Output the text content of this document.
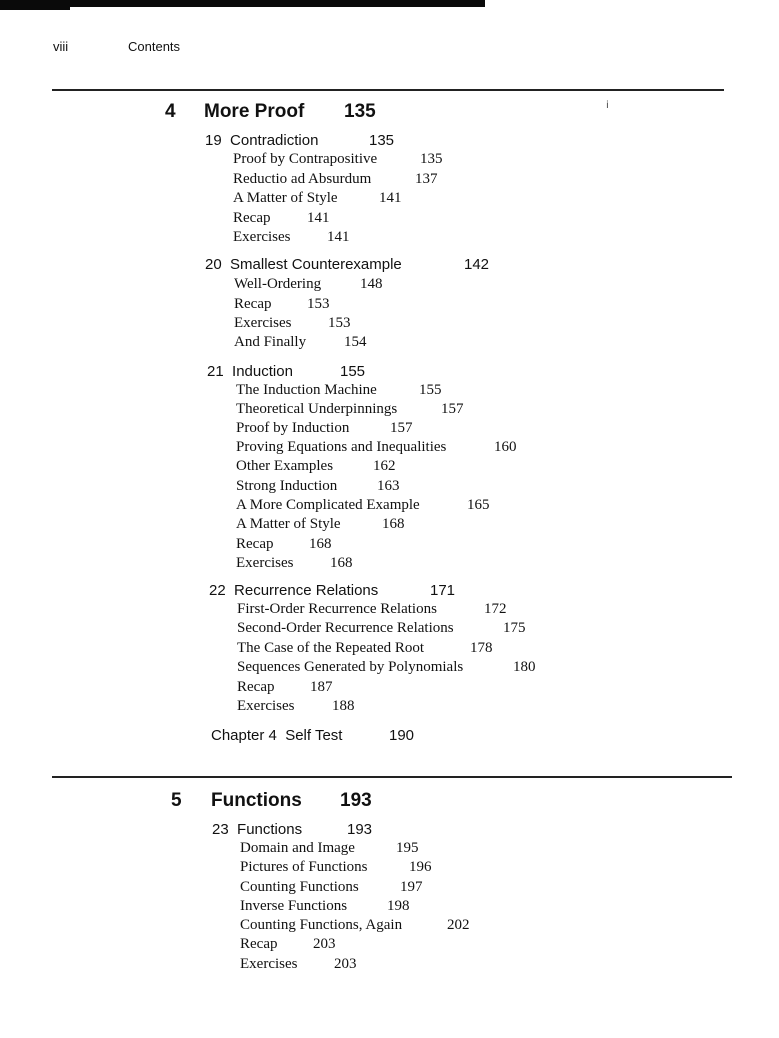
viii	Contents
4 More Proof 135	ⅰ
19 Contradiction	135
Proof by Contrapositive	135
Reductio ad Absurdum	137
A Matter of Style	141
Recap 141
Exercises 141
20 Smallest Counterexample	142
Well-Ordering	148
Recap 153
Exercises 153
And Finally	154
21 Induction	155
The Induction Machine	155
Theoretical Underpinnings	157
Proof by Induction	157
Proving Equations and Inequalities	160
Other Examples	162
Strong Induction	163
A More Complicated Example	165
A Matter of Style	168
Recap 168
Exercises 168
22 Recurrence Relations	171
First-Order Recurrence Relations	172
Second-Order Recurrence Relations	175
The Case of the Repeated Root	178
Sequences Generated by Polynomials	180
Recap 187
Exercises	188
Chapter 4  Self Test	190
5 Functions 193
23 Functions	193
Domain and Image	195
Pictures of Functions	196
Counting Functions	197
Inverse Functions	198
Counting Functions, Again	202
Recap 203
Exercises 203
